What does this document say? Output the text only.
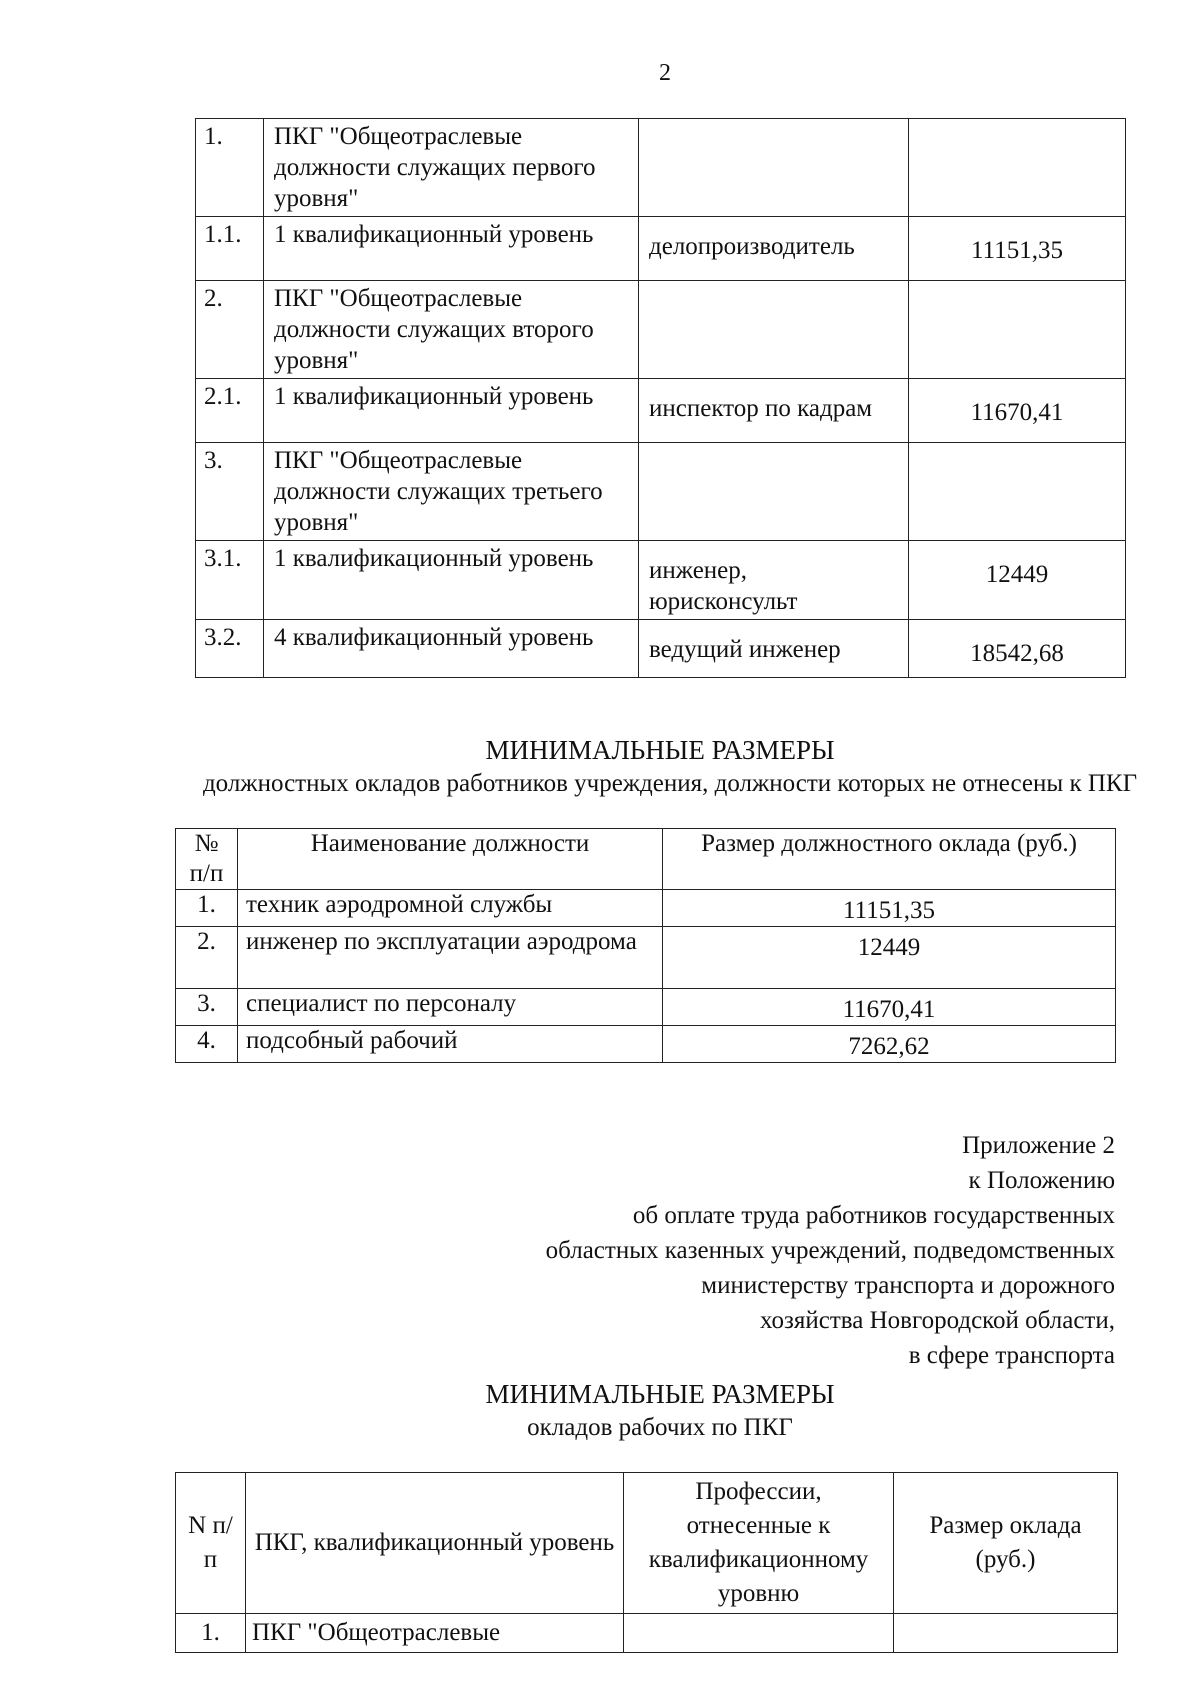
2
1.	ПКГ "Общеотраслевые должности служащих первого уровня"		
1.1.	1 квалификационный уровень	делопроизводитель	11151,35
2.	ПКГ "Общеотраслевые должности служащих второго уровня"		
2.1.	1 квалификационный уровень	инспектор по кадрам	11670,41
3.	ПКГ "Общеотраслевые должности служащих третьего уровня"		
3.1.	1 квалификационный уровень	инженер, юрисконсульт	12449
3.2.	4 квалификационный уровень	ведущий инженер	18542,68
МИНИМАЛЬНЫЕ РАЗМЕРЫ
должностных окладов работников учреждения, должности которых не отнесены к ПКГ
№ п/п	Наименование должности	Размер должностного оклада (руб.)
1.	техник аэродромной службы	11151,35
2.	инженер по эксплуатации аэродрома	12449
3.	специалист по персоналу	11670,41
4.	подсобный рабочий	7262,62
Приложение 2
к Положению
об оплате труда работников государственных
областных казенных учреждений, подведомственных
министерству транспорта и дорожного
хозяйства Новгородской области,
в сфере транспорта
МИНИМАЛЬНЫЕ РАЗМЕРЫ
окладов рабочих по ПКГ
N п/п	ПКГ, квалификационный уровень	Профессии, отнесенные к квалификационному уровню	Размер оклада (руб.)
1.	ПКГ "Общеотраслевые		
